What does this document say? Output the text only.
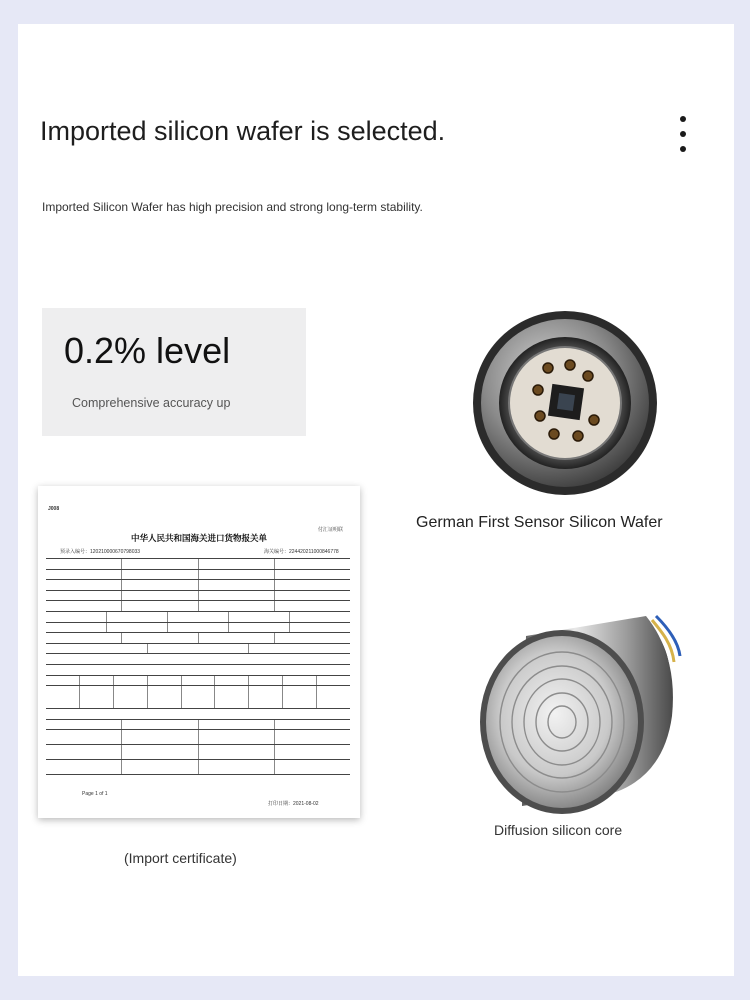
Imported silicon wafer is selected.
Imported Silicon Wafer has high precision and strong long-term stability.
0.2% level
Comprehensive accuracy up
German First Sensor Silicon Wafer
J008
付汇证明联
中华人民共和国海关进口货物报关单
预录入编号：120210000670798033	海关编号：224420211000846778
Page 1 of 1
打印日期：2021-08-02
(Import certificate)
Diffusion silicon core
